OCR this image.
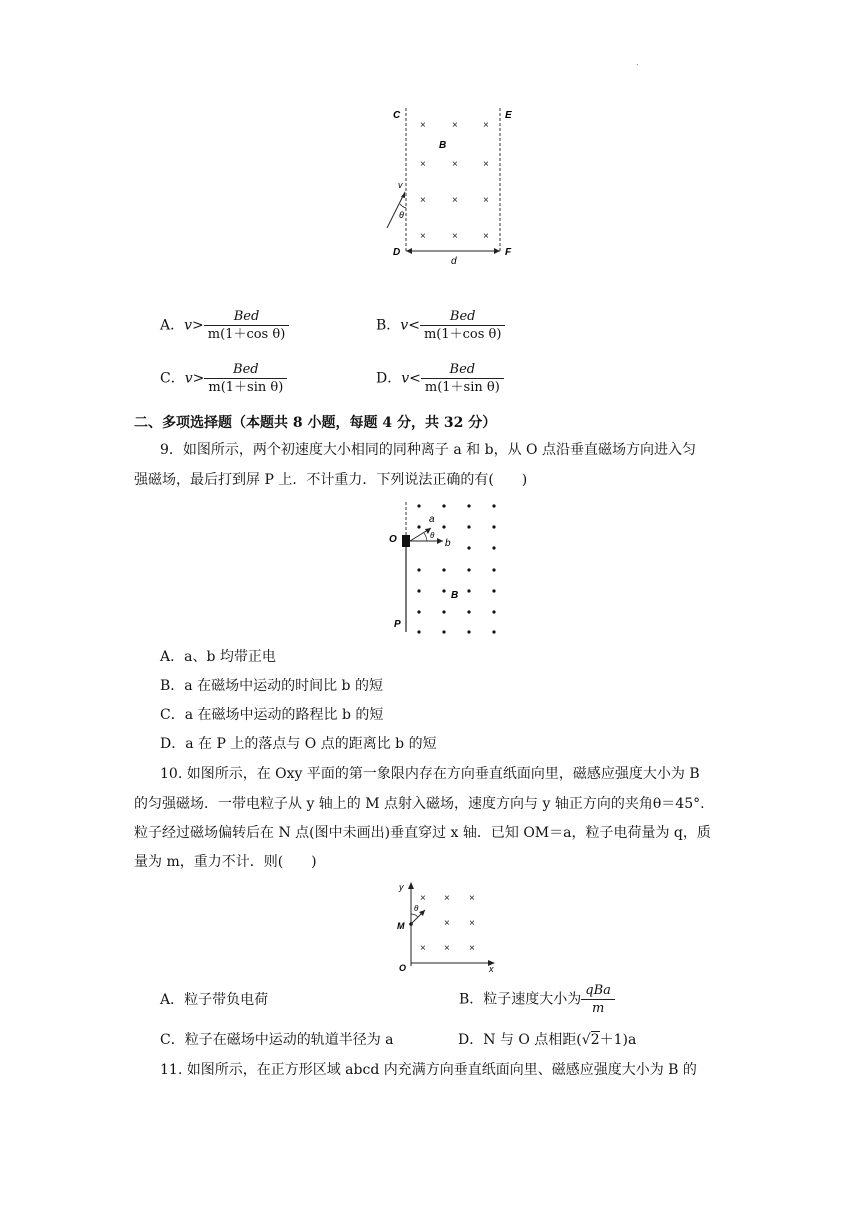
.
C	E
D	F
B
×	×	×
×	×	×
×	×	×
×	×	×
v
θ
d
A．$v> \frac{\text{Bed}}{\text{m(1＋cos θ)}}$	B．$v< \frac{\text{Bed}}{\text{m(1＋cos θ)}}$
C．$v> \frac{\text{Bed}}{\text{m(1＋sin θ)}}$	D．$v< \frac{\text{Bed}}{\text{m(1＋sin θ)}}$
二、多项选择题（本题共 8 小题，每题 4 分，共 32 分）
9．如图所示，两个初速度大小相同的同种离子 a 和 b，从 O 点沿垂直磁场方向进入匀
强磁场，最后打到屏 P 上．不计重力．下列说法正确的有(　　)
O
P
a
b
θ
B
A．a、b 均带正电
B．a 在磁场中运动的时间比 b 的短
C．a 在磁场中运动的路程比 b 的短
D．a 在 P 上的落点与 O 点的距离比 b 的短
10. 如图所示，在 Oxy 平面的第一象限内存在方向垂直纸面向里，磁感应强度大小为 B
的匀强磁场．一带电粒子从 y 轴上的 M 点射入磁场，速度方向与 y 轴正方向的夹角θ＝45°.
粒子经过磁场偏转后在 N 点(图中未画出)垂直穿过 x 轴．已知 OM＝a，粒子电荷量为 q，质
量为 m，重力不计．则(　　)
y
x
O
M
θ
× × ×
× ×
× × ×
A．粒子带负电荷	B．粒子速度大小为 $\frac{\text{qBa}}{m}$
C．粒子在磁场中运动的轨道半径为 a	D．N 与 O 点相距(√2＋1)a
11. 如图所示，在正方形区域 abcd 内充满方向垂直纸面向里、磁感应强度大小为 B 的
